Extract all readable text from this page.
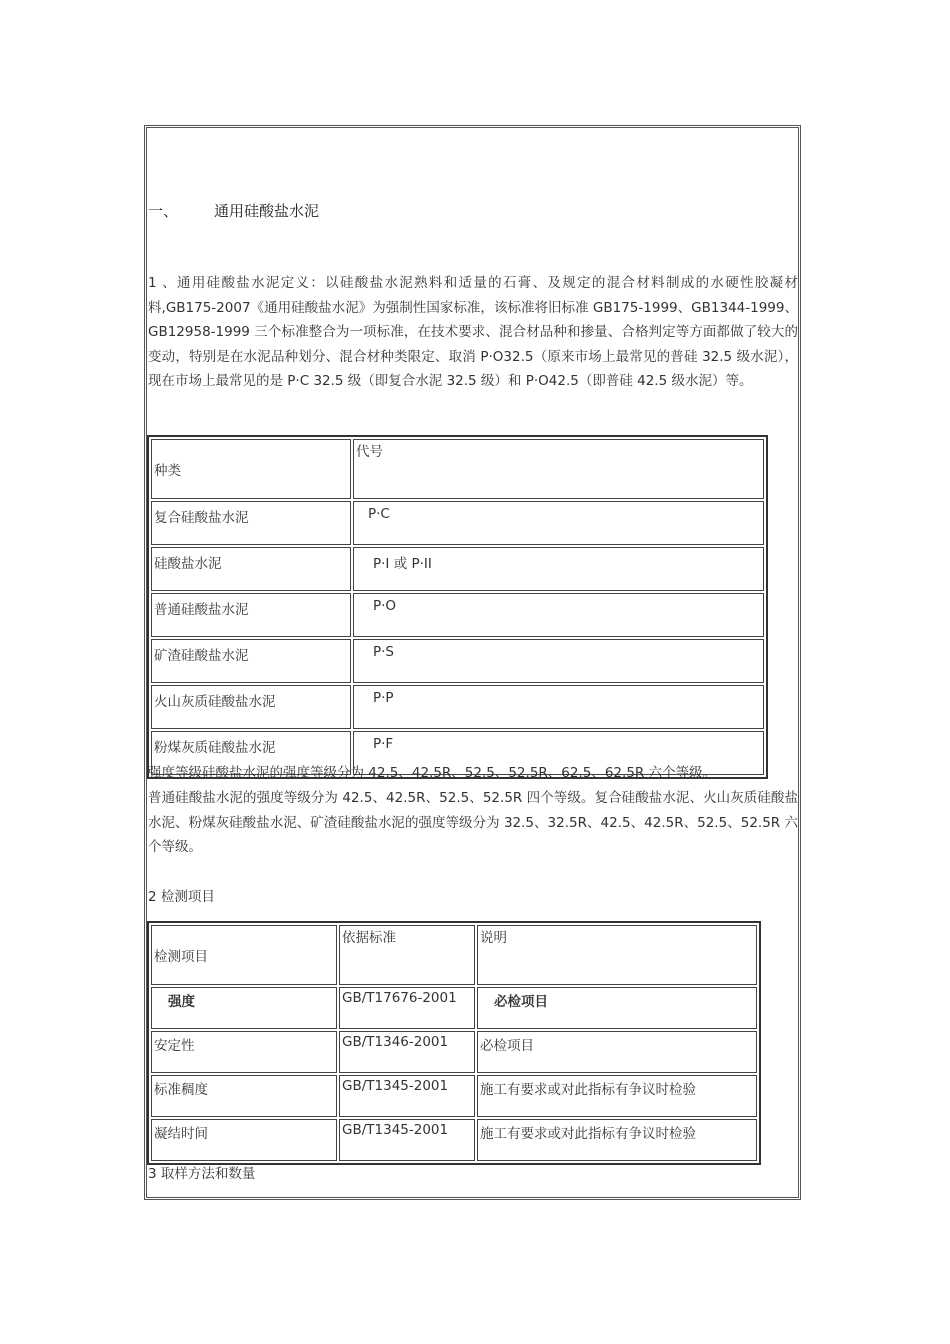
一、 通用硅酸盐水泥
1 、通用硅酸盐水泥定义：以硅酸盐水泥熟料和适量的石膏、及规定的混合材料制成的水硬性胶凝材料,GB175-2007《通用硅酸盐水泥》为强制性国家标准，该标准将旧标准 GB175-1999、GB1344-1999、GB12958-1999 三个标准整合为一项标准，在技术要求、混合材品种和掺量、合格判定等方面都做了较大的变动，特别是在水泥品种划分、混合材种类限定、取消 P·O32.5（原来市场上最常见的普硅 32.5 级水泥），现在市场上最常见的是 P·C 32.5 级（即复合水泥 32.5 级）和 P·O42.5（即普硅 42.5 级水泥）等。
种类	代号
复合硅酸盐水泥	P·C
硅酸盐水泥	P·I 或 P·II
普通硅酸盐水泥	P·O
矿渣硅酸盐水泥	P·S
火山灰质硅酸盐水泥	P·P
粉煤灰质硅酸盐水泥	P·F
强度等级硅酸盐水泥的强度等级分为 42.5、42.5R、52.5、52.5R、62.5、62.5R 六个等级。
普通硅酸盐水泥的强度等级分为 42.5、42.5R、52.5、52.5R 四个等级。复合硅酸盐水泥、火山灰质硅酸盐水泥、粉煤灰硅酸盐水泥、矿渣硅酸盐水泥的强度等级分为 32.5、32.5R、42.5、42.5R、52.5、52.5R 六个等级。
2 检测项目
检测项目	依据标准	说明
强度	GB/T17676-2001	必检项目
安定性	GB/T1346-2001	必检项目
标准稠度	GB/T1345-2001	施工有要求或对此指标有争议时检验
凝结时间	GB/T1345-2001	施工有要求或对此指标有争议时检验
3 取样方法和数量
